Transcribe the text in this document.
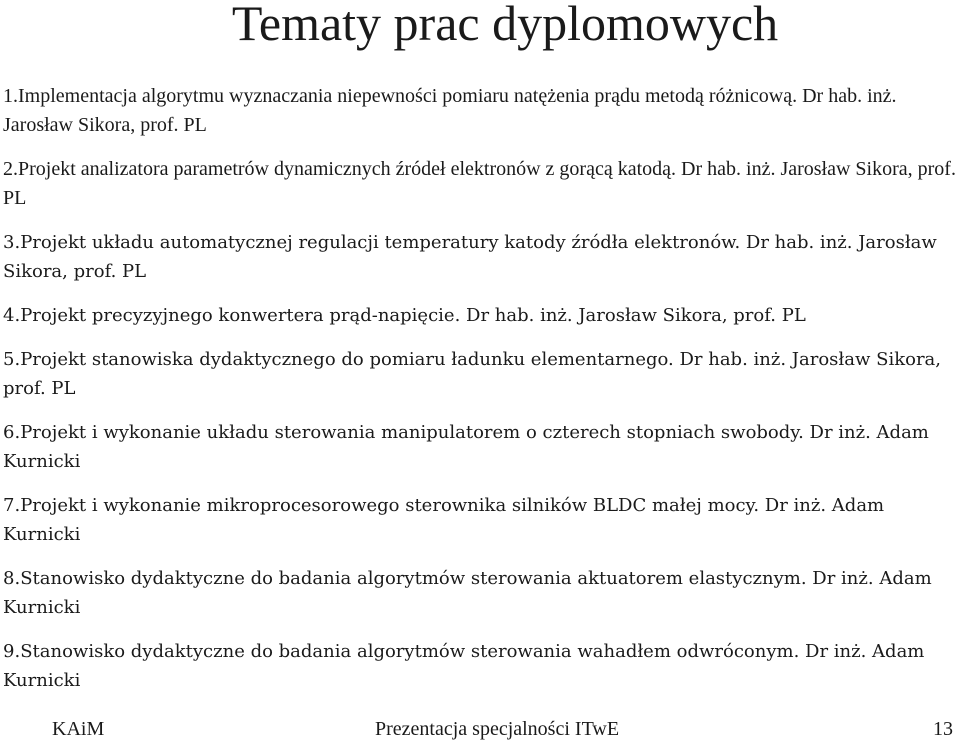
Tematy prac dyplomowych
1.Implementacja algorytmu wyznaczania niepewności pomiaru natężenia prądu metodą różnicową. Dr hab. inż. Jarosław Sikora, prof. PL
2.Projekt analizatora parametrów dynamicznych źródeł elektronów z gorącą katodą. Dr hab. inż. Jarosław Sikora, prof. PL
3.Projekt układu automatycznej regulacji temperatury katody źródła elektronów. Dr hab. inż. Jarosław Sikora, prof. PL
4.Projekt precyzyjnego konwertera prąd-napięcie. Dr hab. inż. Jarosław Sikora, prof. PL
5.Projekt stanowiska dydaktycznego do pomiaru ładunku elementarnego. Dr hab. inż. Jarosław Sikora, prof. PL
6.Projekt i wykonanie układu sterowania manipulatorem o czterech stopniach swobody. Dr inż. Adam Kurnicki
7.Projekt i wykonanie mikroprocesorowego sterownika silników BLDC małej mocy. Dr inż. Adam Kurnicki
8.Stanowisko dydaktyczne do badania algorytmów sterowania aktuatorem elastycznym. Dr inż. Adam Kurnicki
9.Stanowisko dydaktyczne do badania algorytmów sterowania wahadłem odwróconym. Dr inż. Adam Kurnicki
KAiM	Prezentacja specjalności ITwE	13
